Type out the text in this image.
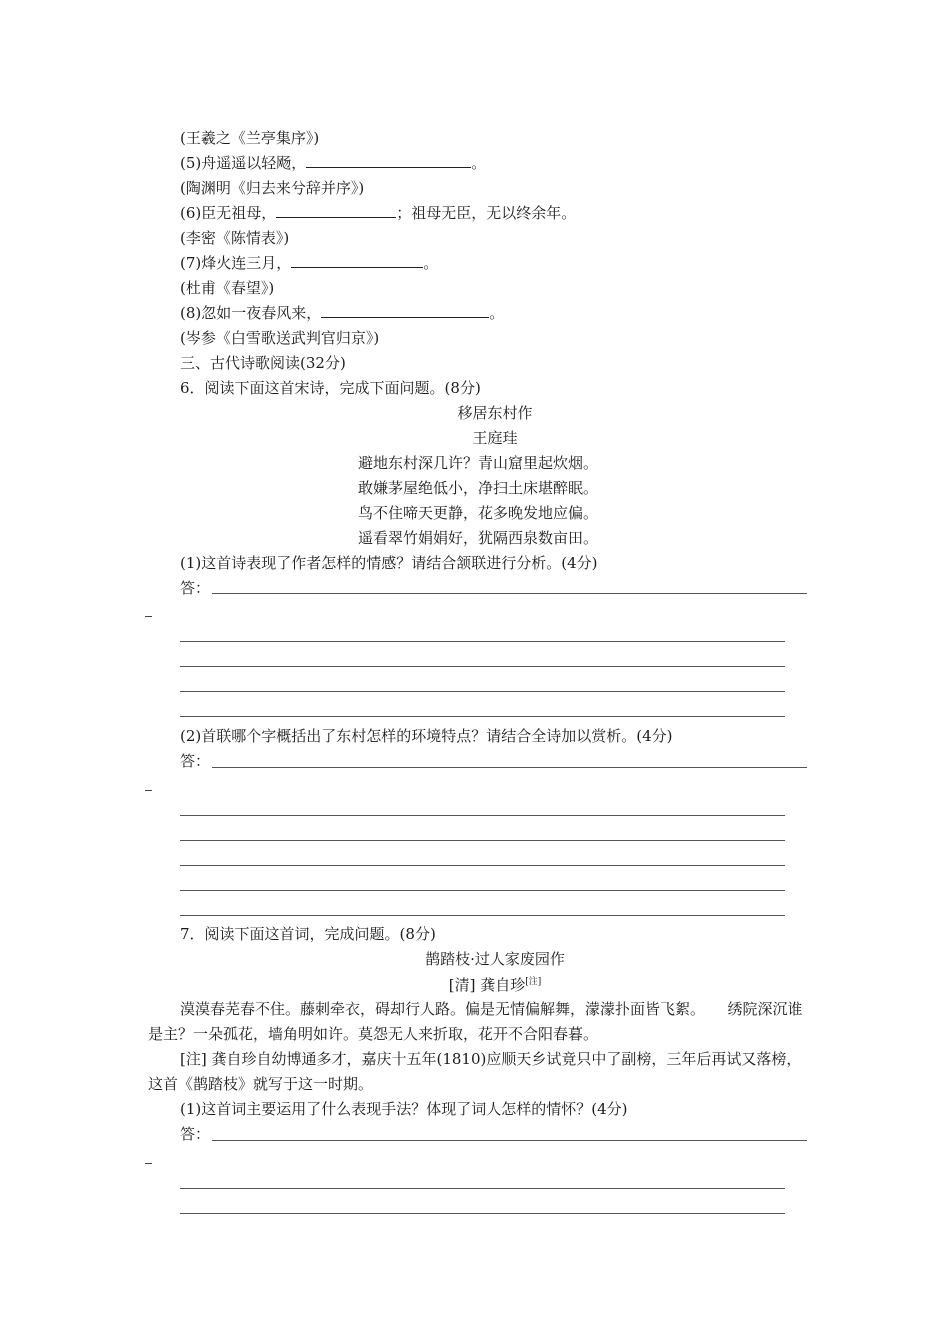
(王羲之《兰亭集序》)
(5)舟遥遥以轻飏，	。
(陶渊明《归去来兮辞并序》)
(6)臣无祖母，	；祖母无臣，无以终余年。
(李密《陈情表》)
(7)烽火连三月，	。
(杜甫《春望》)
(8)忽如一夜春风来，	。
(岑参《白雪歌送武判官归京》)
三、古代诗歌阅读(32分)
6．阅读下面这首宋诗，完成下面问题。(8分)
移居东村作
王庭珪
避地东村深几许？青山窟里起炊烟。
敢嫌茅屋绝低小，净扫土床堪醉眠。
鸟不住啼天更静，花多晚发地应偏。
遥看翠竹娟娟好，犹隔西泉数亩田。
(1)这首诗表现了作者怎样的情感？请结合颔联进行分析。(4分)
答：
(2)首联哪个字概括出了东村怎样的环境特点？请结合全诗加以赏析。(4分)
答：
7．阅读下面这首词，完成问题。(8分)
鹊踏枝·过人家废园作
[清] 龚自珍[注]
漠漠春芜春不住。藤刺牵衣，碍却行人路。偏是无情偏解舞，濛濛扑面皆飞絮。　　绣院深沉谁是主？一朵孤花，墙角明如许。莫怨无人来折取，花开不合阳春暮。
[注] 龚自珍自幼博通多才，嘉庆十五年(1810)应顺天乡试竟只中了副榜，三年后再试又落榜，这首《鹊踏枝》就写于这一时期。
(1)这首词主要运用了什么表现手法？体现了词人怎样的情怀？(4分)
答：
